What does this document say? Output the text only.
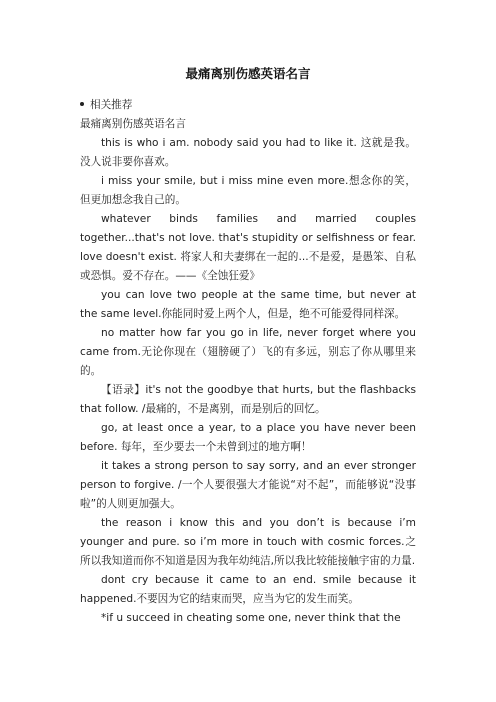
最痛离别伤感英语名言

相关推荐

最痛离别伤感英语名言

this is who i am. nobody said you had to like it. 这就是我。没人说非要你喜欢。

i miss your smile, but i miss mine even more.想念你的笑，但更加想念我自己的。

whatever binds families and married couples together...that's not love. that's stupidity or selfishness or fear. love doesn't exist. 将家人和夫妻绑在一起的...不是爱，是愚笨、自私或恐惧。爱不存在。——《全蚀狂爱》

you can love two people at the same time, but never at the same level.你能同时爱上两个人，但是，绝不可能爱得同样深。

no matter how far you go in life, never forget where you came from.无论你现在（翅膀硬了）飞的有多远，别忘了你从哪里来的。

【语录】it's not the goodbye that hurts, but the flashbacks that follow. /最痛的，不是离别，而是别后的回忆。

go, at least once a year, to a place you have never been before. 每年，至少要去一个未曾到过的地方啊！

it takes a strong person to say sorry, and an ever stronger person to forgive. /一个人要很强大才能说“对不起”，而能够说“没事啦”的人则更加强大。

the reason i know this and you don’t is because i’m younger and pure. so i’m more in touch with cosmic forces.之所以我知道而你不知道是因为我年幼纯洁,所以我比较能接触宇宙的力量.

dont cry because it came to an end. smile because it happened.不要因为它的结束而哭，应当为它的发生而笑。

*if u succeed in cheating some one, never think that the
